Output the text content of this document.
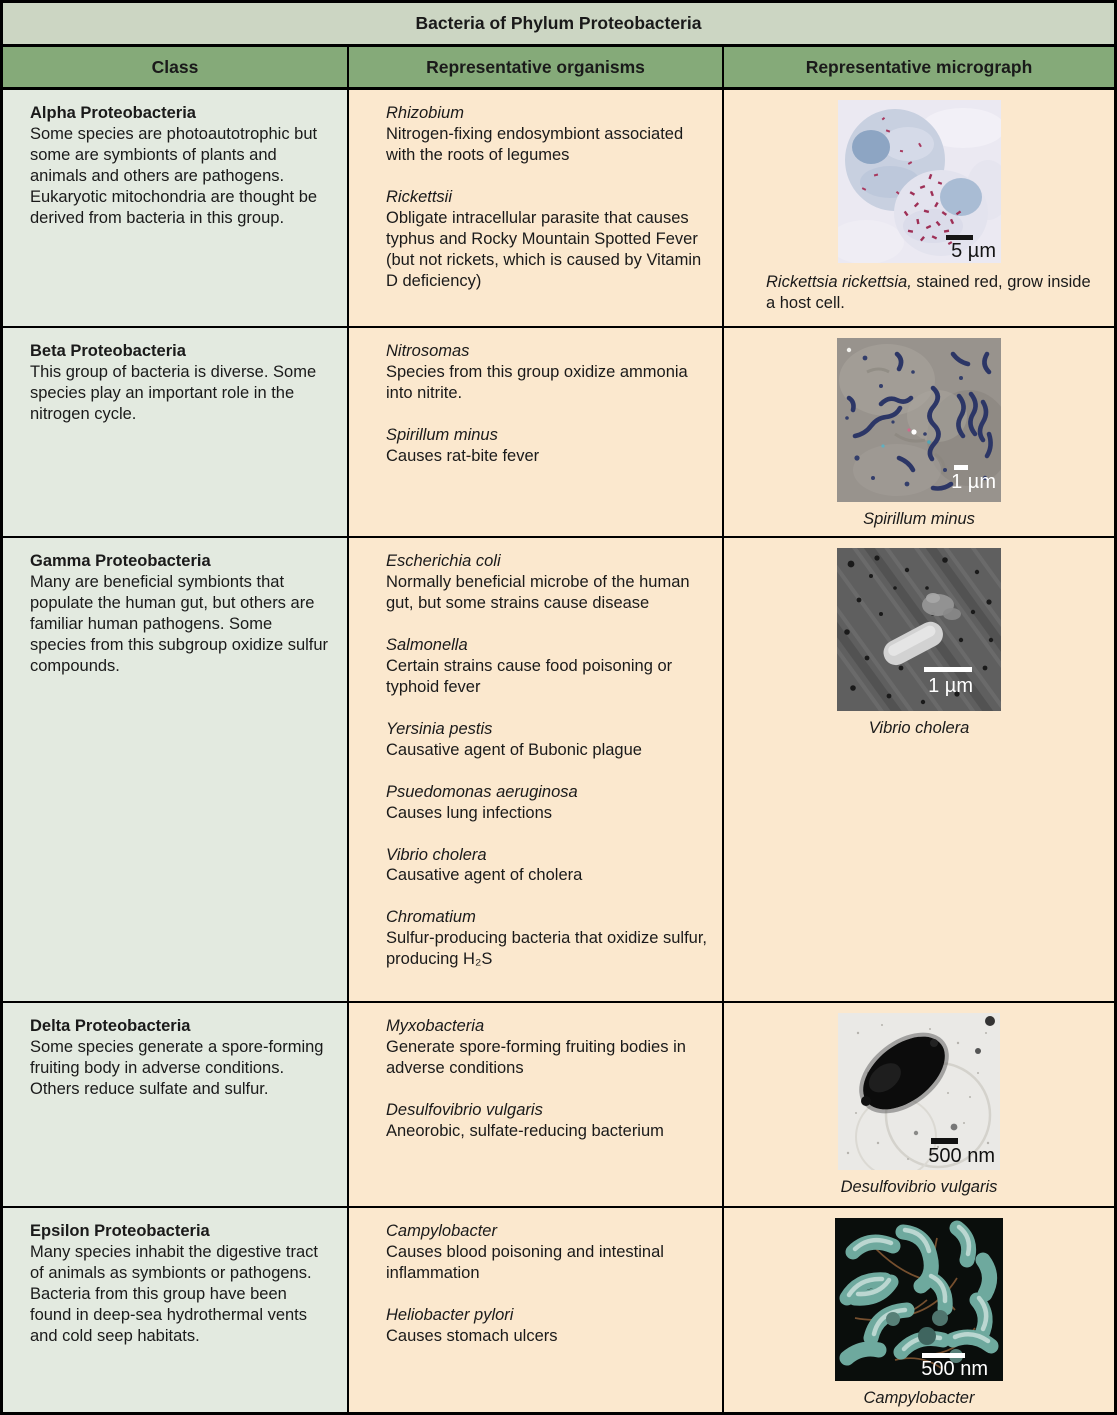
Bacteria of Phylum Proteobacteria
Class	Representative organisms	Representative micrograph
Alpha Proteobacteria
Some species are photoautotrophic but some are symbionts of plants and animals and others are pathogens. Eukaryotic mitochondria are thought be derived from bacteria in this group.
Rhizobium
Nitrogen-fixing endosymbiont associated with the roots of legumes
Rickettsii
Obligate intracellular parasite that causes typhus and Rocky Mountain Spotted Fever (but not rickets, which is caused by Vitamin D deficiency)
5 µm
Rickettsia rickettsia, stained red, grow inside a host cell.
Beta Proteobacteria
This group of bacteria is diverse. Some species play an important role in the nitrogen cycle.
Nitrosomas
Species from this group oxidize ammonia into nitrite.
Spirillum minus
Causes rat-bite fever
1 µm
Spirillum minus
Gamma Proteobacteria
Many are beneficial symbionts that populate the human gut, but others are familiar human pathogens. Some species from this subgroup oxidize sulfur compounds.
Escherichia coli
Normally beneficial microbe of the human gut, but some strains cause disease
Salmonella
Certain strains cause food poisoning or typhoid fever
Yersinia pestis
Causative agent of Bubonic plague
Psuedomonas aeruginosa
Causes lung infections
Vibrio cholera
Causative agent of cholera
Chromatium
Sulfur-producing bacteria that oxidize sulfur, producing H₂S
1 µm
Vibrio cholera
Delta Proteobacteria
Some species generate a spore-forming fruiting body in adverse conditions. Others reduce sulfate and sulfur.
Myxobacteria
Generate spore-forming fruiting bodies in adverse conditions
Desulfovibrio vulgaris
Aneorobic, sulfate-reducing bacterium
500 nm
Desulfovibrio vulgaris
Epsilon Proteobacteria
Many species inhabit the digestive tract of animals as symbionts or pathogens. Bacteria from this group have been found in deep-sea hydrothermal vents and cold seep habitats.
Campylobacter
Causes blood poisoning and intestinal inflammation
Heliobacter pylori
Causes stomach ulcers
500 nm
Campylobacter
